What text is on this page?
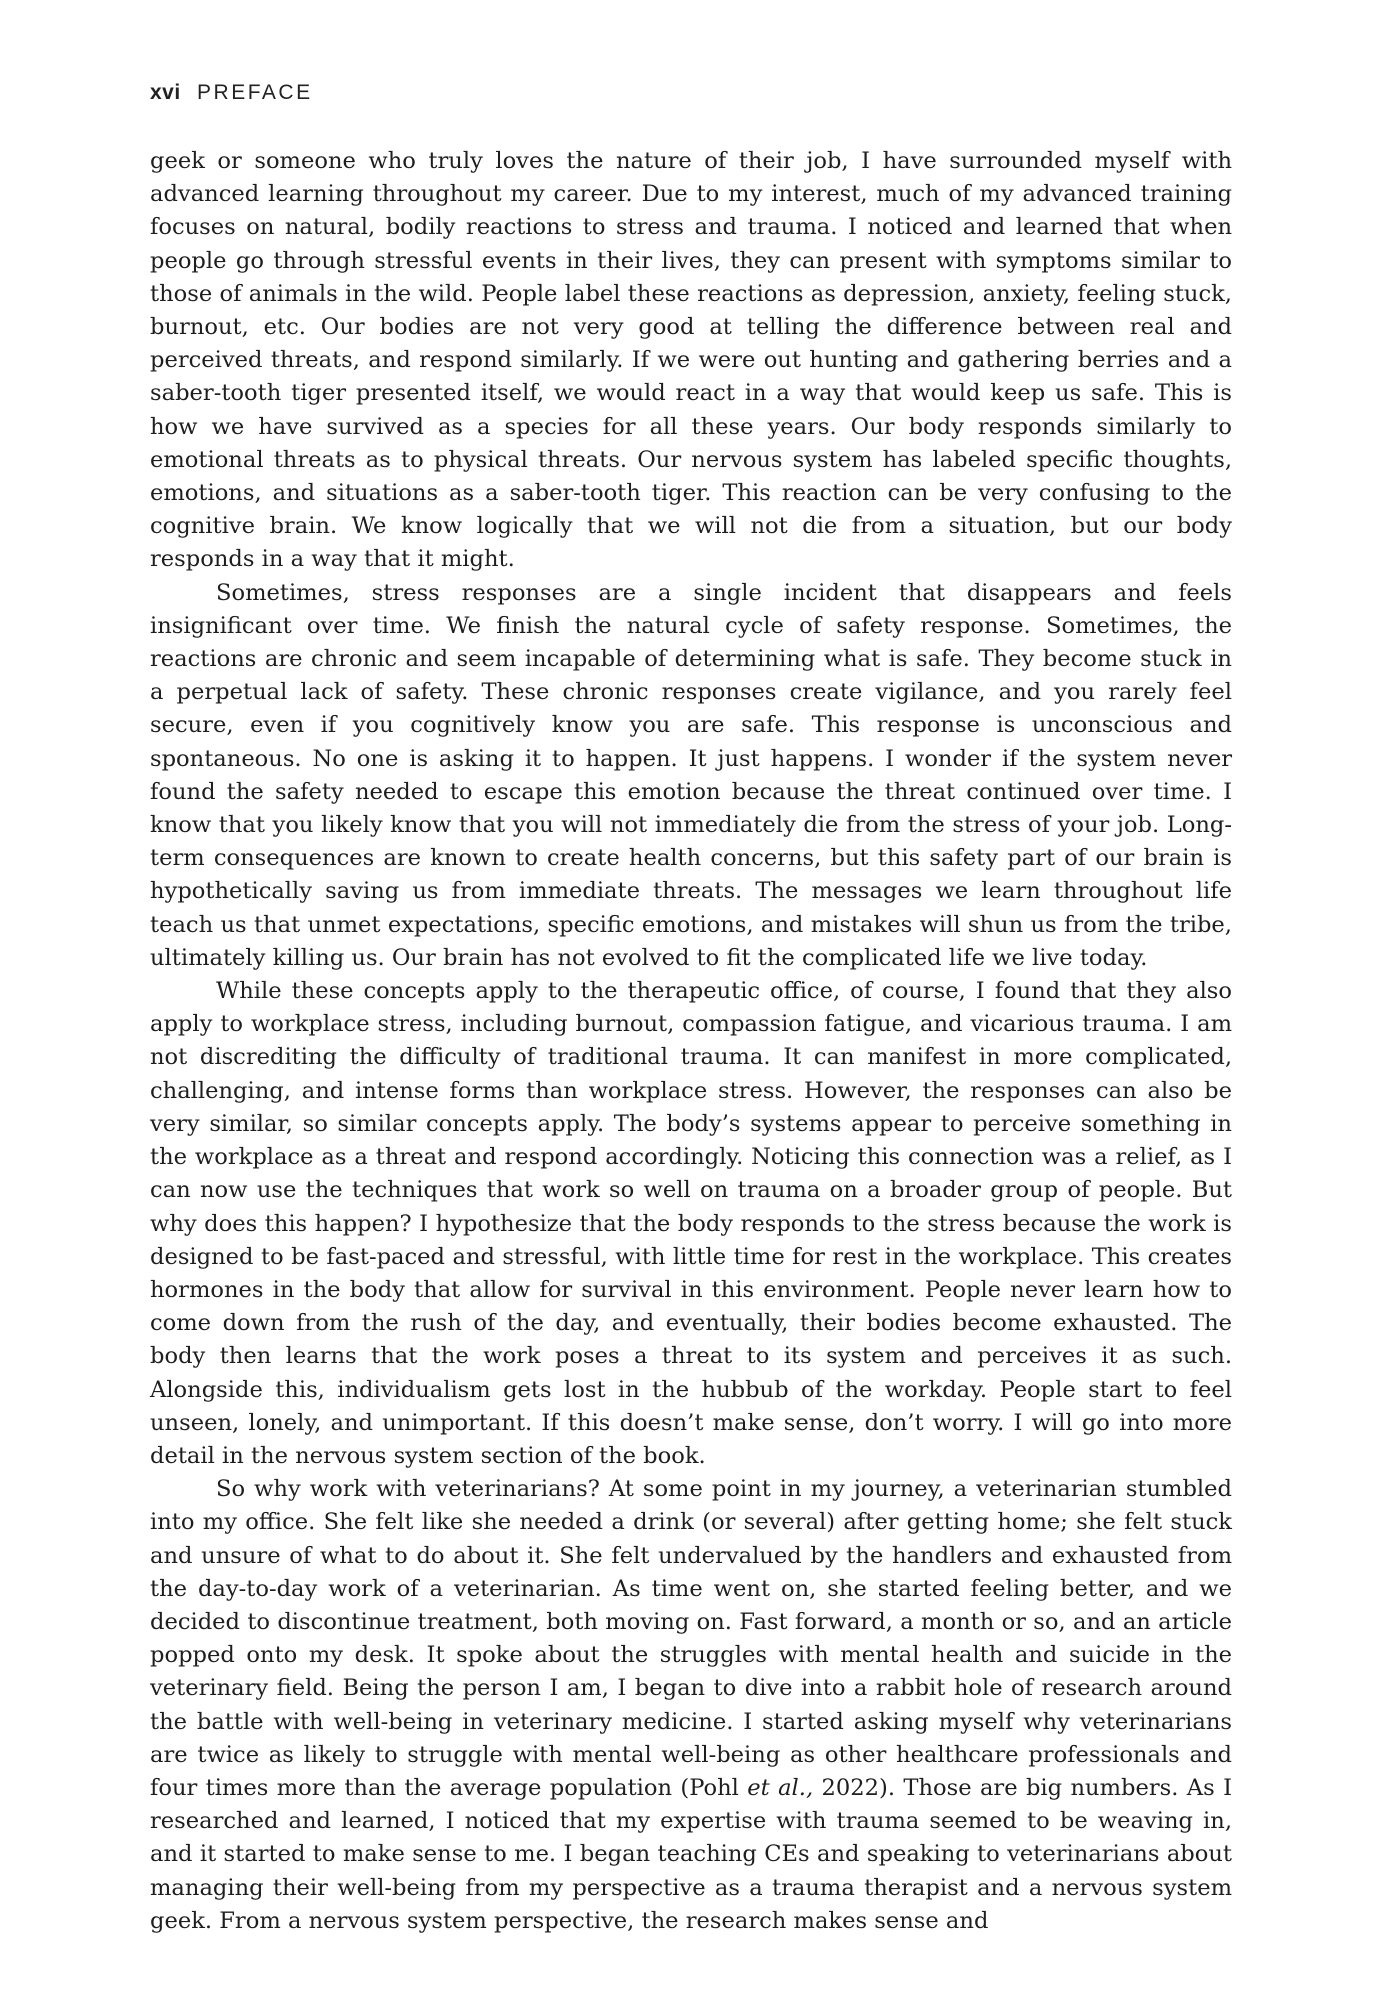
xvi PREFACE

geek or someone who truly loves the nature of their job, I have surrounded myself with advanced learning throughout my career. Due to my interest, much of my advanced training focuses on natural, bodily reactions to stress and trauma. I noticed and learned that when people go through stressful events in their lives, they can present with symptoms similar to those of animals in the wild. People label these reactions as depression, anxiety, feeling stuck, burnout, etc. Our bodies are not very good at telling the difference between real and perceived threats, and respond similarly. If we were out hunting and gathering berries and a saber-tooth tiger presented itself, we would react in a way that would keep us safe. This is how we have survived as a species for all these years. Our body responds similarly to emotional threats as to physical threats. Our nervous system has labeled specific thoughts, emotions, and situations as a saber-tooth tiger. This reaction can be very confusing to the cognitive brain. We know logically that we will not die from a situation, but our body responds in a way that it might.

Sometimes, stress responses are a single incident that disappears and feels insignificant over time. We finish the natural cycle of safety response. Sometimes, the reactions are chronic and seem incapable of determining what is safe. They become stuck in a perpetual lack of safety. These chronic responses create vigilance, and you rarely feel secure, even if you cognitively know you are safe. This response is unconscious and spontaneous. No one is asking it to happen. It just happens. I wonder if the system never found the safety needed to escape this emotion because the threat continued over time. I know that you likely know that you will not immediately die from the stress of your job. Long-term consequences are known to create health concerns, but this safety part of our brain is hypothetically saving us from immediate threats. The messages we learn throughout life teach us that unmet expectations, specific emotions, and mistakes will shun us from the tribe, ultimately killing us. Our brain has not evolved to fit the complicated life we live today.

While these concepts apply to the therapeutic office, of course, I found that they also apply to workplace stress, including burnout, compassion fatigue, and vicarious trauma. I am not discrediting the difficulty of traditional trauma. It can manifest in more complicated, challenging, and intense forms than workplace stress. However, the responses can also be very similar, so similar concepts apply. The body’s systems appear to perceive something in the workplace as a threat and respond accordingly. Noticing this connection was a relief, as I can now use the techniques that work so well on trauma on a broader group of people. But why does this happen? I hypothesize that the body responds to the stress because the work is designed to be fast-paced and stressful, with little time for rest in the workplace. This creates hormones in the body that allow for survival in this environment. People never learn how to come down from the rush of the day, and eventually, their bodies become exhausted. The body then learns that the work poses a threat to its system and perceives it as such. Alongside this, individualism gets lost in the hubbub of the workday. People start to feel unseen, lonely, and unimportant. If this doesn’t make sense, don’t worry. I will go into more detail in the nervous system section of the book.

So why work with veterinarians? At some point in my journey, a veterinarian stumbled into my office. She felt like she needed a drink (or several) after getting home; she felt stuck and unsure of what to do about it. She felt undervalued by the handlers and exhausted from the day-to-day work of a veterinarian. As time went on, she started feeling better, and we decided to discontinue treatment, both moving on. Fast forward, a month or so, and an article popped onto my desk. It spoke about the struggles with mental health and suicide in the veterinary field. Being the person I am, I began to dive into a rabbit hole of research around the battle with well-being in veterinary medicine. I started asking myself why veterinarians are twice as likely to struggle with mental well-being as other healthcare professionals and four times more than the average population (Pohl et al., 2022). Those are big numbers. As I researched and learned, I noticed that my expertise with trauma seemed to be weaving in, and it started to make sense to me. I began teaching CEs and speaking to veterinarians about managing their well-being from my perspective as a trauma therapist and a nervous system geek. From a nervous system perspective, the research makes sense and
